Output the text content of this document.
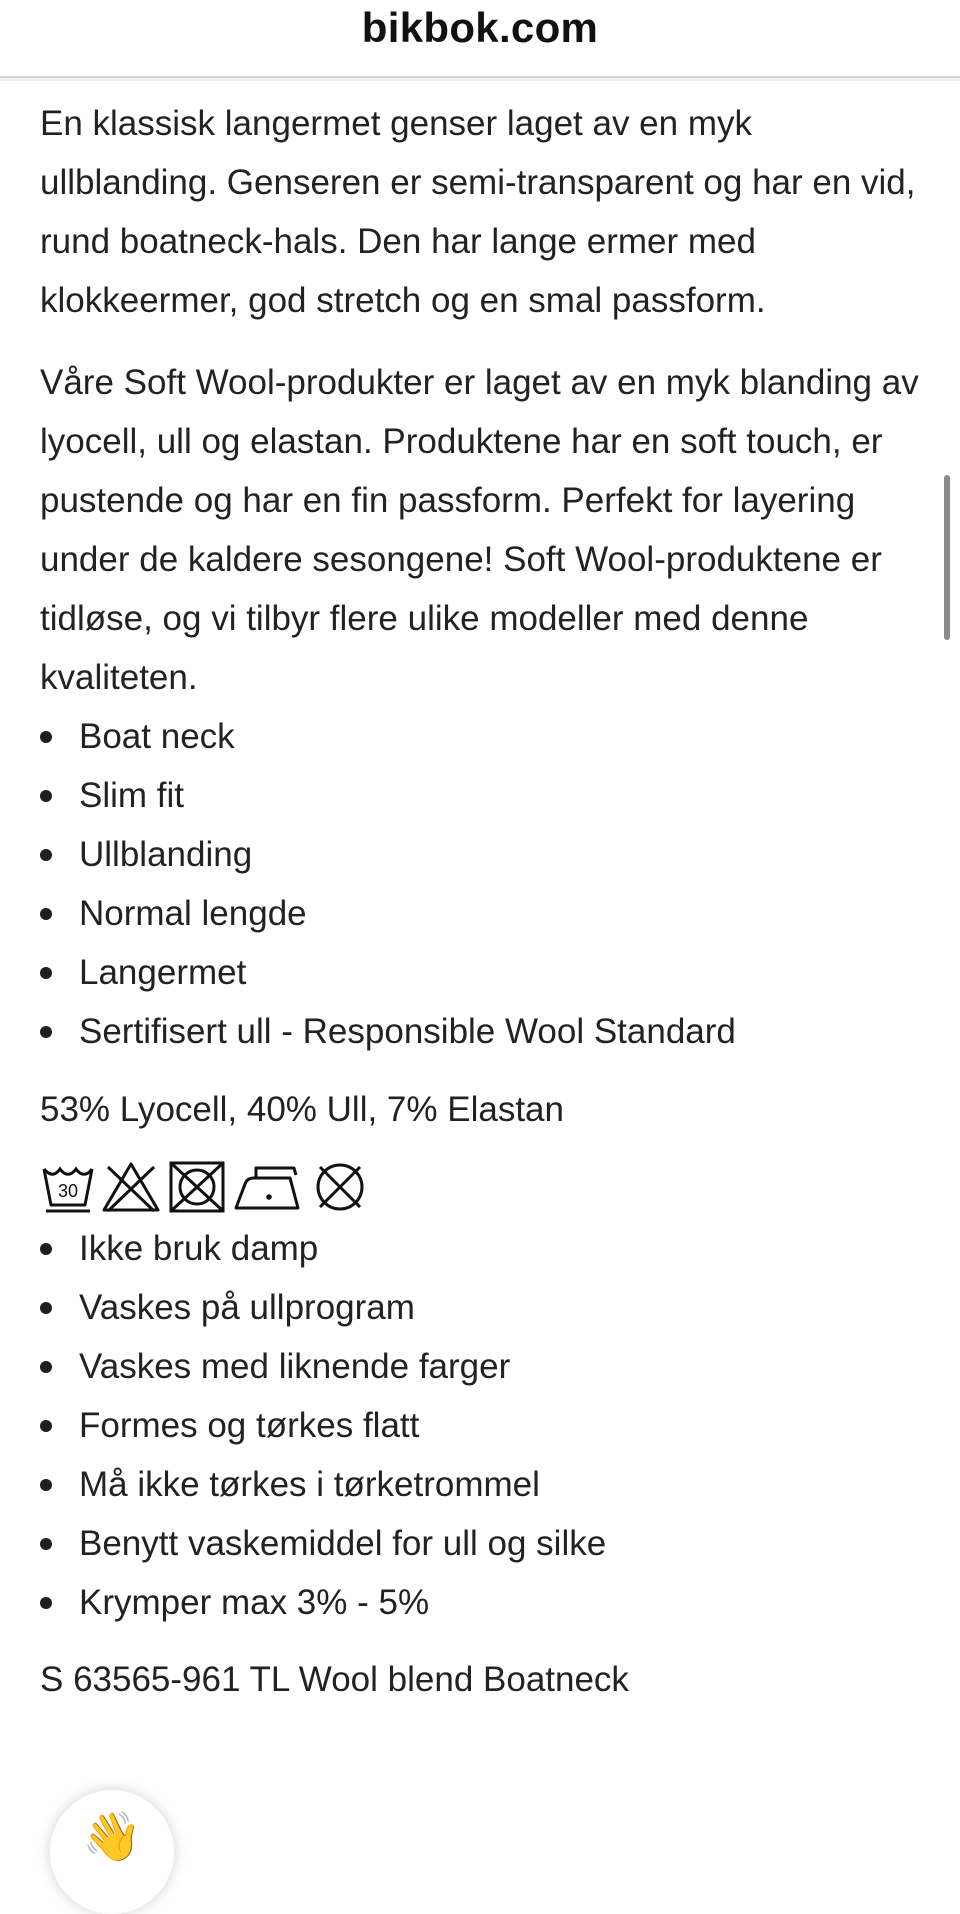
bikbok.com

En klassisk langermet genser laget av en myk ullblanding. Genseren er semi-transparent og har en vid, rund boatneck-hals. Den har lange ermer med klokkeermer, god stretch og en smal passform.

Våre Soft Wool-produkter er laget av en myk blanding av lyocell, ull og elastan. Produktene har en soft touch, er pustende og har en fin passform. Perfekt for layering under de kaldere sesongene! Soft Wool-produktene er tidløse, og vi tilbyr flere ulike modeller med denne kvaliteten.

Boat neck
Slim fit
Ullblanding
Normal lengde
Langermet
Sertifisert ull - Responsible Wool Standard
53% Lyocell, 40% Ull, 7% Elastan
30
Ikke bruk damp
Vaskes på ullprogram
Vaskes med liknende farger
Formes og tørkes flatt
Må ikke tørkes i tørketrommel
Benytt vaskemiddel for ull og silke
Krymper max 3% - 5%
S 63565-961 TL Wool blend Boatneck
👋
